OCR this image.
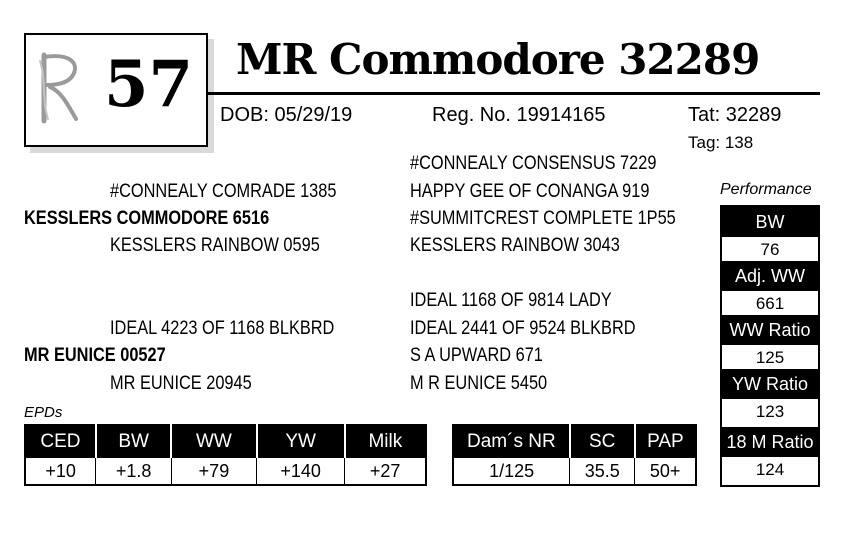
R 57 MR Commodore 32289
DOB: 05/29/19	Reg. No. 19914165	Tat: 32289
Tag: 138
#CONNEALY CONSENSUS 7229
#CONNEALY COMRADE 1385	HAPPY GEE OF CONANGA 919
KESSLERS COMMODORE 6516	#SUMMITCREST COMPLETE 1P55
KESSLERS RAINBOW 0595	KESSLERS RAINBOW 3043
IDEAL 1168 OF 9814 LADY
IDEAL 4223 OF 1168 BLKBRD	IDEAL 2441 OF 9524 BLKBRD
MR EUNICE 00527	S A UPWARD 671
MR EUNICE 20945	M R EUNICE 5450
Performance
BW
76
Adj. WW
661
WW Ratio
125
YW Ratio
123
18 M Ratio
124
EPDs
CED	BW	WW	YW	Milk
+10	+1.8	+79	+140	+27
Dam´s NR	SC	PAP
1/125	35.5	50+
